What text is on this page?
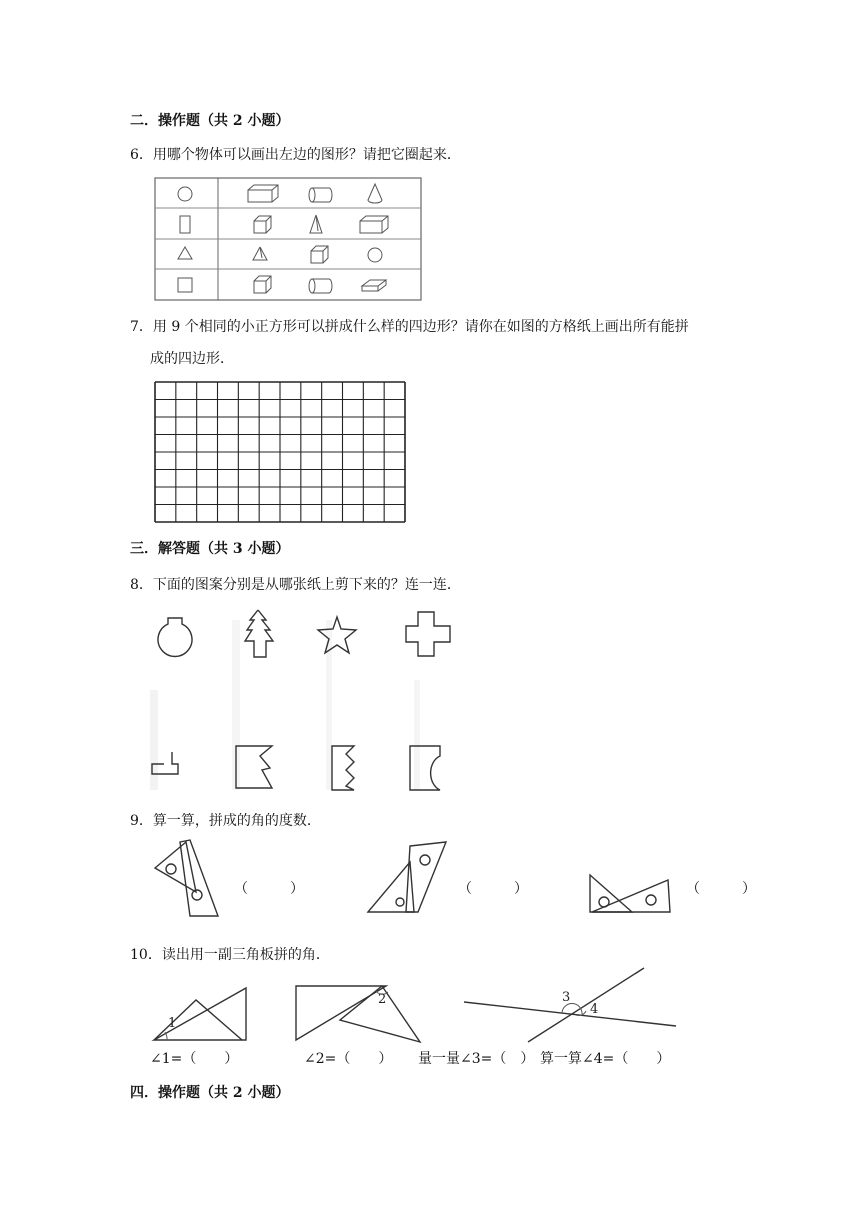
二．操作题（共 2 小题）
6．用哪个物体可以画出左边的图形？请把它圈起来．
7．用 9 个相同的小正方形可以拼成什么样的四边形？请你在如图的方格纸上画出所有能拼
成的四边形．
三．解答题（共 3 小题）
8．下面的图案分别是从哪张纸上剪下来的？连一连．
9．算一算，拼成的角的度数．
（　　　）	（　　　）	（　　　）
10．读出用一副三角板拼的角．
1
∠1=（　　）
2
∠2=（　　）
3
4
量一量∠3=（　） 算一算∠4=（　　）
四．操作题（共 2 小题）
